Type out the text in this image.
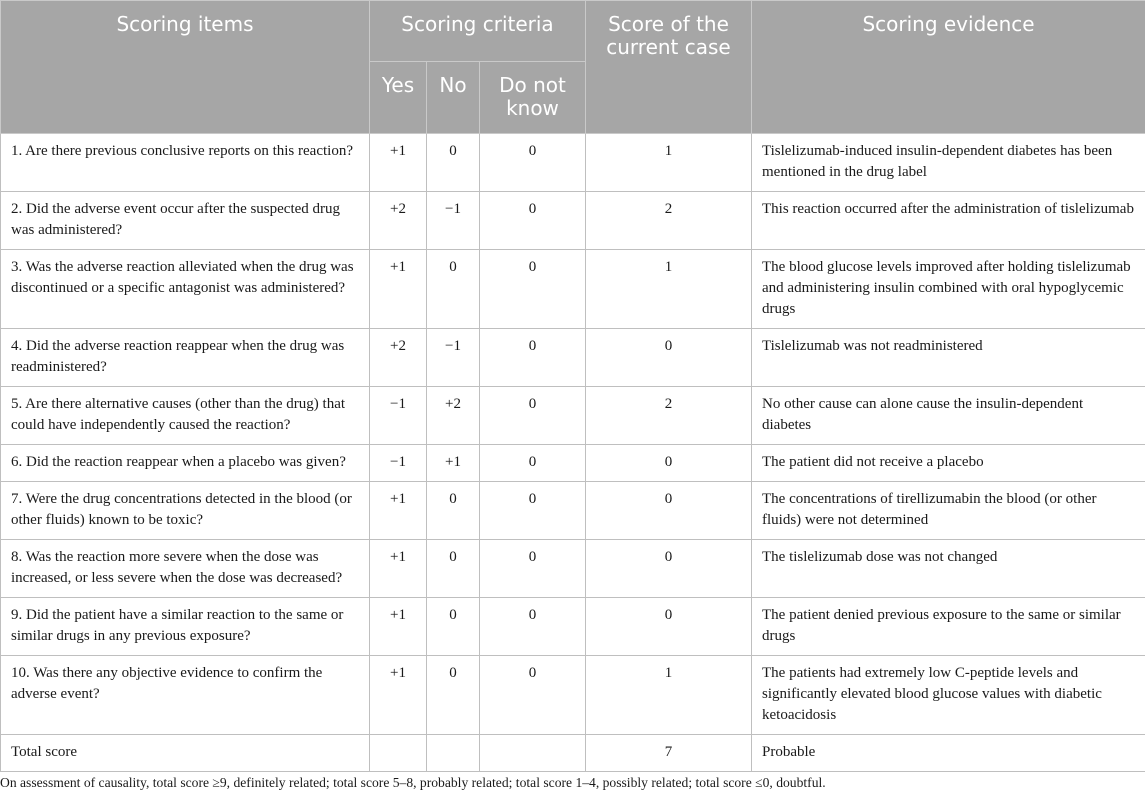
Scoring items	Scoring criteria			Score of the current case	Scoring evidence
	Yes	No	Do not know		
1. Are there previous conclusive reports on this reaction?	+1	0	0	1	Tislelizumab-induced insulin-dependent diabetes has been mentioned in the drug label
2. Did the adverse event occur after the suspected drug was administered?	+2	−1	0	2	This reaction occurred after the administration of tislelizumab
3. Was the adverse reaction alleviated when the drug was discontinued or a specific antagonist was administered?	+1	0	0	1	The blood glucose levels improved after holding tislelizumab and administering insulin combined with oral hypoglycemic drugs
4. Did the adverse reaction reappear when the drug was readministered?	+2	−1	0	0	Tislelizumab was not readministered
5. Are there alternative causes (other than the drug) that could have independently caused the reaction?	−1	+2	0	2	No other cause can alone cause the insulin-dependent diabetes
6. Did the reaction reappear when a placebo was given?	−1	+1	0	0	The patient did not receive a placebo
7. Were the drug concentrations detected in the blood (or other fluids) known to be toxic?	+1	0	0	0	The concentrations of tirellizumabin the blood (or other fluids) were not determined
8. Was the reaction more severe when the dose was increased, or less severe when the dose was decreased?	+1	0	0	0	The tislelizumab dose was not changed
9. Did the patient have a similar reaction to the same or similar drugs in any previous exposure?	+1	0	0	0	The patient denied previous exposure to the same or similar drugs
10. Was there any objective evidence to confirm the adverse event?	+1	0	0	1	The patients had extremely low C-peptide levels and significantly elevated blood glucose values with diabetic ketoacidosis
Total score				7	Probable
On assessment of causality, total score ≥9, definitely related; total score 5–8, probably related; total score 1–4, possibly related; total score ≤0, doubtful.
